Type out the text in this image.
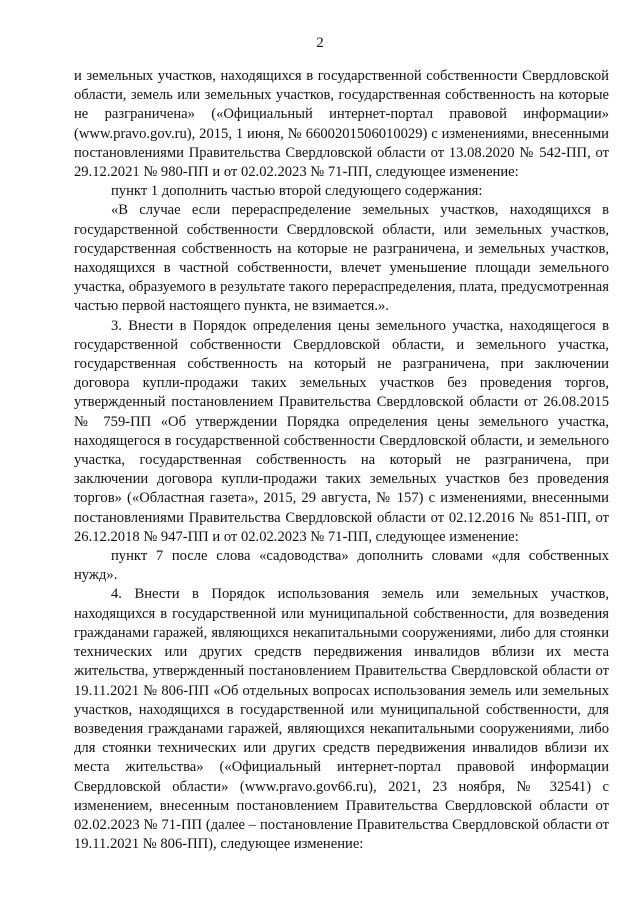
2

и земельных участков, находящихся в государственной собственности Свердловской области, земель или земельных участков, государственная собственность на которые не разграничена» («Официальный интернет-портал правовой информации» (www.pravo.gov.ru), 2015, 1 июня, № 6600201506010029) с изменениями, внесенными постановлениями Правительства Свердловской области от 13.08.2020 № 542-ПП, от 29.12.2021 № 980-ПП и от 02.02.2023 № 71-ПП, следующее изменение:

пункт 1 дополнить частью второй следующего содержания:

«В случае если перераспределение земельных участков, находящихся в государственной собственности Свердловской области, или земельных участков, государственная собственность на которые не разграничена, и земельных участков, находящихся в частной собственности, влечет уменьшение площади земельного участка, образуемого в результате такого перераспределения, плата, предусмотренная частью первой настоящего пункта, не взимается.».

3. Внести в Порядок определения цены земельного участка, находящегося в государственной собственности Свердловской области, и земельного участка, государственная собственность на который не разграничена, при заключении договора купли-продажи таких земельных участков без проведения торгов, утвержденный постановлением Правительства Свердловской области от 26.08.2015 № 759-ПП «Об утверждении Порядка определения цены земельного участка, находящегося в государственной собственности Свердловской области, и земельного участка, государственная собственность на который не разграничена, при заключении договора купли-продажи таких земельных участков без проведения торгов» («Областная газета», 2015, 29 августа, № 157) с изменениями, внесенными постановлениями Правительства Свердловской области от 02.12.2016 № 851-ПП, от 26.12.2018 № 947-ПП и от 02.02.2023 № 71-ПП, следующее изменение:

пункт 7 после слова «садоводства» дополнить словами «для собственных нужд».

4. Внести в Порядок использования земель или земельных участков, находящихся в государственной или муниципальной собственности, для возведения гражданами гаражей, являющихся некапитальными сооружениями, либо для стоянки технических или других средств передвижения инвалидов вблизи их места жительства, утвержденный постановлением Правительства Свердловской области от 19.11.2021 № 806-ПП «Об отдельных вопросах использования земель или земельных участков, находящихся в государственной или муниципальной собственности, для возведения гражданами гаражей, являющихся некапитальными сооружениями, либо для стоянки технических или других средств передвижения инвалидов вблизи их места жительства» («Официальный интернет-портал правовой информации Свердловской области» (www.pravo.gov66.ru), 2021, 23 ноября, № 32541) с изменением, внесенным постановлением Правительства Свердловской области от 02.02.2023 № 71-ПП (далее – постановление Правительства Свердловской области от 19.11.2021 № 806-ПП), следующее изменение:
